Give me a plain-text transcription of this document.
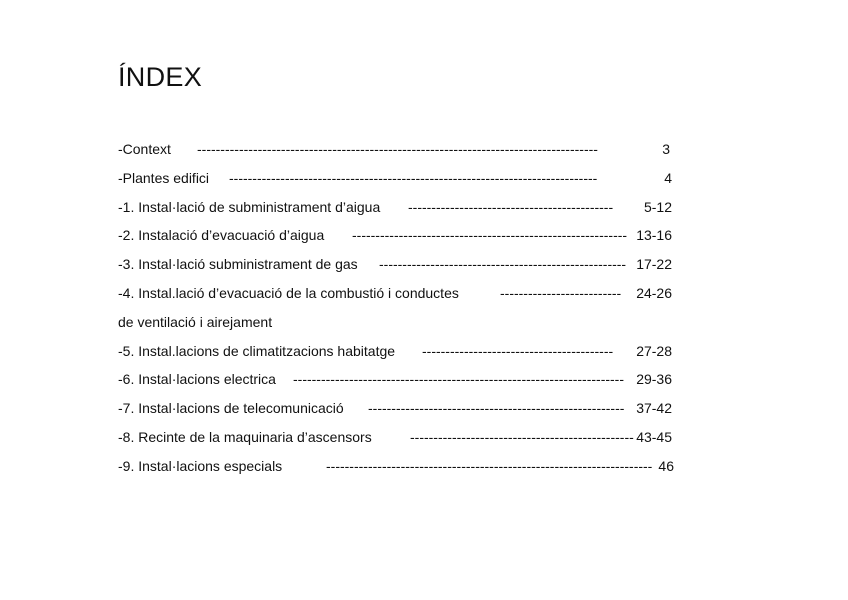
ÍNDEX
-Context --------------------------------------------------------------------------------------	3
-Plantes edifici -------------------------------------------------------------------------------	4
-1. Instal·lació de subministrament d’aigua --------------------------------------------	5-12
-2. Instalació d’evacuació d’aigua ----------------------------------------------------------- 13-16
-3. Instal·lació subministrament de gas ----------------------------------------------------- 17-22
-4. Instal.lació d’evacuació de la combustió i conductes	--------------------------	24-26
de ventilació i airejament
-5. Instal.lacions de climatitzacions habitatge -----------------------------------------	27-28
-6. Instal·lacions electrica ----------------------------------------------------------------------- 29-36
-7. Instal·lacions de telecomunicació ------------------------------------------------------- 37-42
-8. Recinte de la maquinaria d’ascensors	------------------------------------------------ 43-45
-9. Instal·lacions especials	---------------------------------------------------------------------- 46
